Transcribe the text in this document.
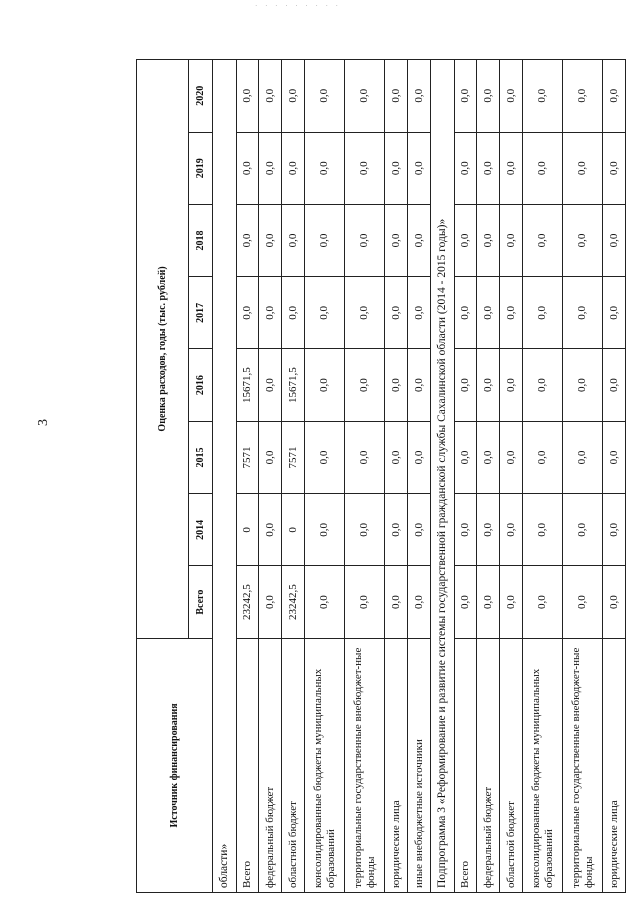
· · · · · · · · ·
3
Источник финансирования	Оценка расходов, годы (тыс. рублей)							
	Всего	2014	2015	2016	2017	2018	2019	2020
области»								
Всего	23242,5	0	7571	15671,5	0,0	0,0	0,0	0,0
федеральный бюджет	0,0	0,0	0,0	0,0	0,0	0,0	0,0	0,0
областной бюджет	23242,5	0	7571	15671,5	0,0	0,0	0,0	0,0
консолидированные бюджеты муниципальных образований	0,0	0,0	0,0	0,0	0,0	0,0	0,0	0,0
территориальные государственные внебюджет-ные фонды	0,0	0,0	0,0	0,0	0,0	0,0	0,0	0,0
юридические лица	0,0	0,0	0,0	0,0	0,0	0,0	0,0	0,0
иные внебюджетные источники	0,0	0,0	0,0	0,0	0,0	0,0	0,0	0,0
Подпрограмма 3 «Реформирование и развитие системы государственной гражданской службы Сахалинской области (2014 - 2015 годы)»								
Всего	0,0	0,0	0,0	0,0	0,0	0,0	0,0	0,0
федеральный бюджет	0,0	0,0	0,0	0,0	0,0	0,0	0,0	0,0
областной бюджет	0,0	0,0	0,0	0,0	0,0	0,0	0,0	0,0
консолидированные бюджеты муниципальных образований	0,0	0,0	0,0	0,0	0,0	0,0	0,0	0,0
территориальные государственные внебюджет-ные фонды	0,0	0,0	0,0	0,0	0,0	0,0	0,0	0,0
юридические лица	0,0	0,0	0,0	0,0	0,0	0,0	0,0	0,0
